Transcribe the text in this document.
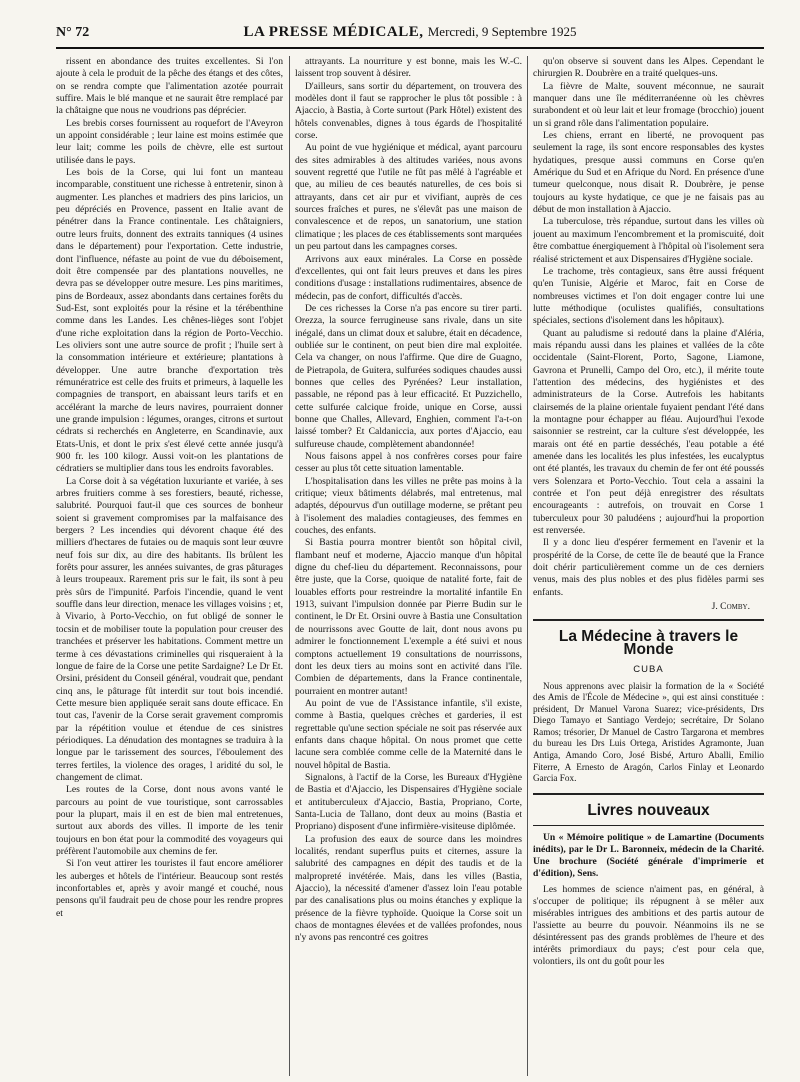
N° 72	LA PRESSE MÉDICALE, Mercredi, 9 Septembre 1925

rissent en abondance des truites excellentes. Si l'on ajoute à cela le produit de la pêche des étangs et des côtes, on se rendra compte que l'alimentation azotée pourrait suffire. Mais le blé manque et ne saurait être remplacé par la châtaigne que nous ne voudrions pas déprécier.

Les brebis corses fournissent au roquefort de l'Aveyron un appoint considérable ; leur laine est moins estimée que leur lait; comme les poils de chèvre, elle est surtout utilisée dans le pays.

Les bois de la Corse, qui lui font un manteau incomparable, constituent une richesse à entretenir, sinon à augmenter. Les planches et madriers des pins laricios, un peu dépréciés en Provence, passent en Italie avant de pénétrer dans la France continentale. Les châtaigniers, outre leurs fruits, donnent des extraits tanniques (4 usines dans le département) pour l'exportation. Cette industrie, dont l'influence, néfaste au point de vue du déboisement, doit être compensée par des plantations nouvelles, ne devra pas se développer outre mesure. Les pins maritimes, pins de Bordeaux, assez abondants dans certaines forêts du Sud-Est, sont exploités pour la résine et la térébenthine comme dans les Landes. Les chênes-lièges sont l'objet d'une riche exploitation dans la région de Porto-Vecchio. Les oliviers sont une autre source de profit ; l'huile sert à la consommation intérieure et extérieure; plantations à développer. Une autre branche d'exportation très rémunératrice est celle des fruits et primeurs, à laquelle les compagnies de transport, en abaissant leurs tarifs et en accélérant la marche de leurs navires, pourraient donner une grande impulsion : légumes, oranges, citrons et surtout cédrats si recherchés en Angleterre, en Scandinavie, aux Etats-Unis, et dont le prix s'est élevé cette année jusqu'à 900 fr. les 100 kilogr. Aussi voit-on les plantations de cédratiers se multiplier dans tous les endroits favorables.

La Corse doit à sa végétation luxuriante et variée, à ses arbres fruitiers comme à ses forestiers, beauté, richesse, salubrité. Pourquoi faut-il que ces sources de bonheur soient si gravement compromises par la malfaisance des bergers ? Les incendies qui dévorent chaque été des milliers d'hectares de futaies ou de maquis sont leur œuvre neuf fois sur dix, au dire des habitants. Ils brûlent les forêts pour assurer, les années suivantes, de gras pâturages à leurs troupeaux. Rarement pris sur le fait, ils sont à peu près sûrs de l'impunité. Parfois l'incendie, quand le vent souffle dans leur direction, menace les villages voisins ; et, à Vivario, à Porto-Vecchio, on fut obligé de sonner le tocsin et de mobiliser toute la population pour creuser des tranchées et préserver les habitations. Comment mettre un terme à ces dévastations criminelles qui risqueraient à la longue de faire de la Corse une petite Sardaigne? Le Dr Et. Orsini, président du Conseil général, voudrait que, pendant cinq ans, le pâturage fût interdit sur tout bois incendié. Cette mesure bien appliquée serait sans doute efficace. En tout cas, l'avenir de la Corse serait gravement compromis par la répétition voulue et étendue de ces sinistres périodiques. La dénudation des montagnes se traduira à la longue par le tarissement des sources, l'éboulement des terres fertiles, la violence des orages, l aridité du sol, le changement de climat.

Les routes de la Corse, dont nous avons vanté le parcours au point de vue touristique, sont carrossables pour la plupart, mais il en est de bien mal entretenues, surtout aux abords des villes. Il importe de les tenir toujours en bon état pour la commodité des voyageurs qui préfèrent l'automobile aux chemins de fer.

Si l'on veut attirer les touristes il faut encore améliorer les auberges et hôtels de l'intérieur. Beaucoup sont restés inconfortables et, après y avoir mangé et couché, nous pensons qu'il faudrait peu de chose pour les rendre propres et

attrayants. La nourriture y est bonne, mais les W.-C. laissent trop souvent à désirer.

D'ailleurs, sans sortir du département, on trouvera des modèles dont il faut se rapprocher le plus tôt possible : à Ajaccio, à Bastia, à Corte surtout (Park Hôtel) existent des hôtels convenables, dignes à tous égards de l'hospitalité corse.

Au point de vue hygiénique et médical, ayant parcouru des sites admirables à des altitudes variées, nous avons souvent regretté que l'utile ne fût pas mêlé à l'agréable et que, au milieu de ces beautés naturelles, de ces bois si attrayants, dans cet air pur et vivifiant, auprès de ces sources fraîches et pures, ne s'élevât pas une maison de convalescence et de repos, un sanatorium, une station climatique ; les places de ces établissements sont marquées un peu partout dans les campagnes corses.

Arrivons aux eaux minérales. La Corse en possède d'excellentes, qui ont fait leurs preuves et dans les pires conditions d'usage : installations rudimentaires, absence de médecin, pas de confort, difficultés d'accès.

De ces richesses la Corse n'a pas encore su tirer parti. Orezza, la source ferrugineuse sans rivale, dans un site inégalé, dans un climat doux et salubre, était en décadence, oubliée sur le continent, on peut bien dire mal exploitée. Cela va changer, on nous l'affirme. Que dire de Guagno, de Pietrapola, de Guitera, sulfurées sodiques chaudes aussi bonnes que celles des Pyrénées? Leur installation, passable, ne répond pas à leur efficacité. Et Puzzichello, cette sulfurée calcique froide, unique en Corse, aussi bonne que Challes, Allevard, Enghien, comment l'a-t-on laissé tomber? Et Caldaniccia, aux portes d'Ajaccio, eau sulfureuse chaude, complètement abandonnée!

Nous faisons appel à nos confrères corses pour faire cesser au plus tôt cette situation lamentable.

L'hospitalisation dans les villes ne prête pas moins à la critique; vieux bâtiments délabrés, mal entretenus, mal adaptés, dépourvus d'un outillage moderne, se prêtant peu à l'isolement des maladies contagieuses, des femmes en couches, des enfants.

Si Bastia pourra montrer bientôt son hôpital civil, flambant neuf et moderne, Ajaccio manque d'un hôpital digne du chef-lieu du département. Reconnaissons, pour être juste, que la Corse, quoique de natalité forte, fait de louables efforts pour restreindre la mortalité infantile En 1913, suivant l'impulsion donnée par Pierre Budin sur le continent, le Dr Et. Orsini ouvre à Bastia une Consultation de nourrissons avec Goutte de lait, dont nous avons pu admirer le fonctionnement L'exemple a été suivi et nous comptons actuellement 19 consultations de nourrissons, dont les deux tiers au moins sont en activité dans l'île. Combien de départements, dans la France continentale, pourraient en montrer autant!

Au point de vue de l'Assistance infantile, s'il existe, comme à Bastia, quelques crèches et garderies, il est regrettable qu'une section spéciale ne soit pas réservée aux enfants dans chaque hôpital. On nous promet que cette lacune sera comblée comme celle de la Maternité dans le nouvel hôpital de Bastia.

Signalons, à l'actif de la Corse, les Bureaux d'Hygiène de Bastia et d'Ajaccio, les Dispensaires d'Hygiène sociale et antituberculeux d'Ajaccio, Bastia, Propriano, Corte, Santa-Lucia de Tallano, dont deux au moins (Bastia et Propriano) disposent d'une infirmière-visiteuse diplômée.

La profusion des eaux de source dans les moindres localités, rendant superflus puits et citernes, assure la salubrité des campagnes en dépit des taudis et de la malpropreté invétérée. Mais, dans les villes (Bastia, Ajaccio), la nécessité d'amener d'assez loin l'eau potable par des canalisations plus ou moins étanches y explique la présence de la fièvre typhoïde. Quoique la Corse soit un chaos de montagnes élevées et de vallées profondes, nous n'y avons pas rencontré ces goitres

qu'on observe si souvent dans les Alpes. Cependant le chirurgien R. Doubrère en a traité quelques-uns.

La fièvre de Malte, souvent méconnue, ne saurait manquer dans une île méditerranéenne où les chèvres surabondent et où leur lait et leur fromage (brocchio) jouent un si grand rôle dans l'alimentation populaire.

Les chiens, errant en liberté, ne provoquent pas seulement la rage, ils sont encore responsables des kystes hydatiques, presque aussi communs en Corse qu'en Amérique du Sud et en Afrique du Nord. En présence d'une tumeur quelconque, nous disait R. Doubrère, je pense toujours au kyste hydatique, ce que je ne faisais pas au début de mon installation à Ajaccio.

La tuberculose, très répandue, surtout dans les villes où jouent au maximum l'encombrement et la promiscuité, doit être combattue énergiquement à l'hôpital où l'isolement sera réalisé strictement et aux Dispensaires d'Hygiène sociale.

Le trachome, très contagieux, sans être aussi fréquent qu'en Tunisie, Algérie et Maroc, fait en Corse de nombreuses victimes et l'on doit engager contre lui une lutte méthodique (oculistes qualifiés, consultations spéciales, sections d'isolement dans les hôpitaux).

Quant au paludisme si redouté dans la plaine d'Aléria, mais répandu aussi dans les plaines et vallées de la côte occidentale (Saint-Florent, Porto, Sagone, Liamone, Gavrona et Prunelli, Campo del Oro, etc.), il mérite toute l'attention des médecins, des hygiénistes et des administrateurs de la Corse. Autrefois les habitants clairsemés de la plaine orientale fuyaient pendant l'été dans la montagne pour échapper au fléau. Aujourd'hui l'exode saisonnier se restreint, car la culture s'est développée, les marais ont été en partie desséchés, l'eau potable a été amenée dans les localités les plus infestées, les eucalyptus ont été plantés, les travaux du chemin de fer ont été poussés vers Solenzara et Porto-Vecchio. Tout cela a assaini la contrée et l'on peut déjà enregistrer des résultats encourageants : autrefois, on trouvait en Corse 1 tuberculeux pour 30 paludéens ; aujourd'hui la proportion est renversée.

Il y a donc lieu d'espérer fermement en l'avenir et la prospérité de la Corse, de cette île de beauté que la France doit chérir particulièrement comme un de ces derniers venus, mais des plus nobles et des plus fidèles parmi ses enfants.

J. Comby.
La Médecine à travers le Monde
CUBA

Nous apprenons avec plaisir la formation de la « Société des Amis de l'École de Médecine », qui est ainsi constituée : président, Dr Manuel Varona Suarez; vice-présidents, Drs Diego Tamayo et Santiago Verdejo; secrétaire, Dr Solano Ramos; trésorier, Dr Manuel de Castro Targarona et membres du bureau les Drs Luis Ortega, Aristides Agramonte, Juan Antiga, Amando Coro, José Bisbé, Arturo Aballi, Emilio Fiterre, A Ernesto de Aragón, Carlos Finlay et Leonardo Garcia Fox.

Livres nouveaux

Un « Mémoire politique » de Lamartine (Documents inédits), par le Dr L. Baronneix, médecin de la Charité. Une brochure (Société générale d'imprimerie et d'édition), Sens.

Les hommes de science n'aiment pas, en général, à s'occuper de politique; ils répugnent à se mêler aux misérables intrigues des ambitions et des partis autour de l'assiette au beurre du pouvoir. Néanmoins ils ne se désintéressent pas des grands problèmes de l'heure et des intérêts primordiaux du pays; c'est pour cela que, volontiers, ils ont du goût pour les
